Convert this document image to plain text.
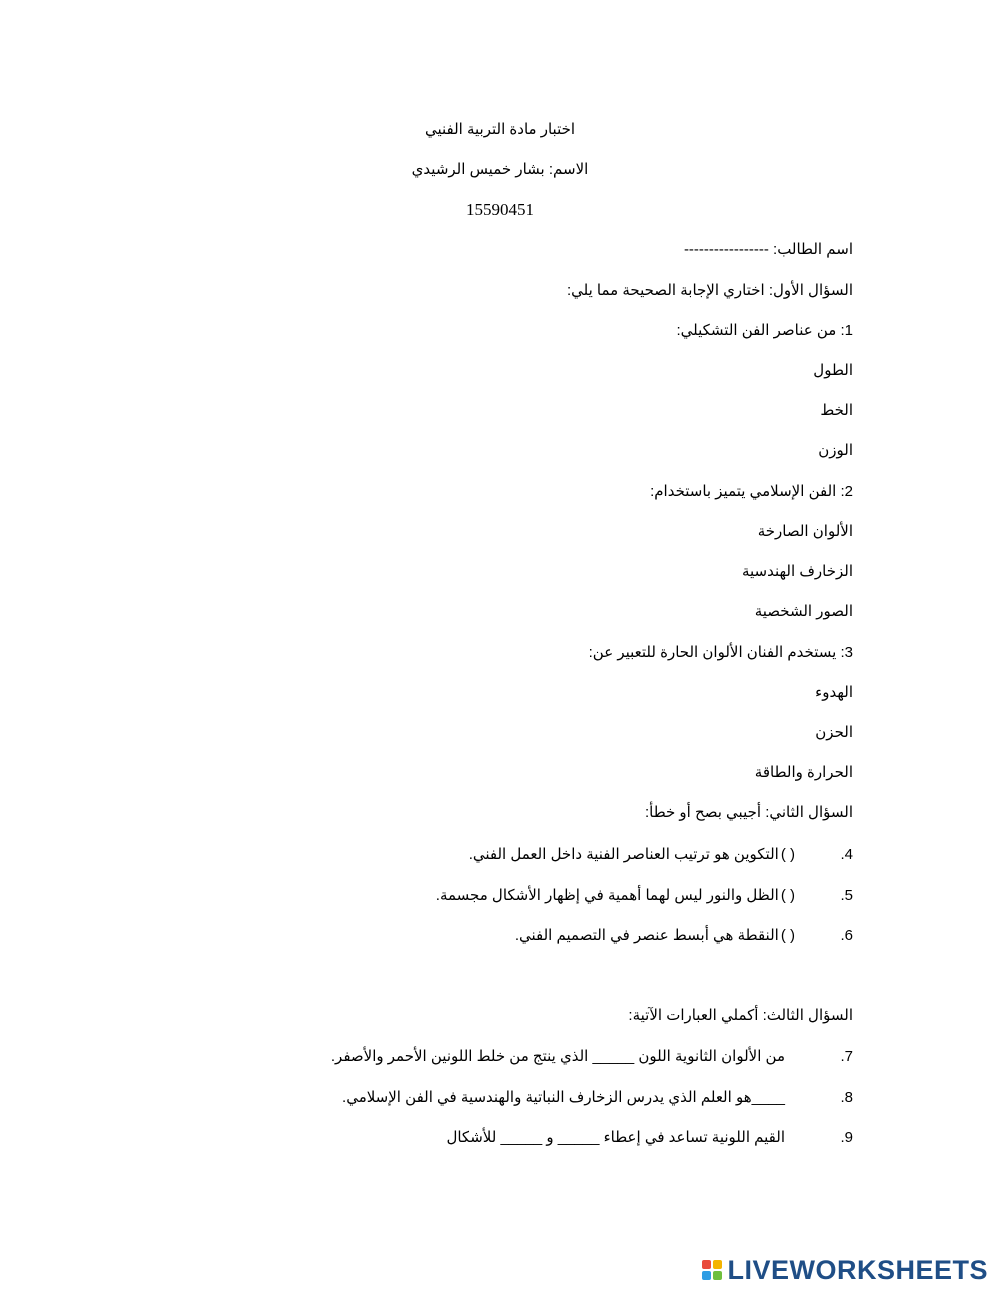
اختبار مادة التربية الفنيي
الاسم: بشار خميس الرشيدي
15590451
اسم الطالب: -----------------
السؤال الأول: اختاري الإجابة الصحيحة مما يلي:
1: من عناصر الفن التشكيلي:
الطول
الخط
الوزن
2: الفن الإسلامي يتميز باستخدام:
الألوان الصارخة
الزخارف الهندسية
الصور الشخصية
3: يستخدم الفنان الألوان الحارة للتعبير عن:
الهدوء
الحزن
الحرارة والطاقة
السؤال الثاني: أجيبي بصح أو خطأ:
4.( )التكوين هو ترتيب العناصر الفنية داخل العمل الفني.
5.( )الظل والنور ليس لهما أهمية في إظهار الأشكال مجسمة.
6.( )النقطة هي أبسط عنصر في التصميم الفني.
السؤال الثالث: أكملي العبارات الآتية:
7.من الألوان الثانوية اللون _____ الذي ينتج من خلط اللونين الأحمر والأصفر.
8.____هو العلم الذي يدرس الزخارف النباتية والهندسية في الفن الإسلامي.
9.القيم اللونية تساعد في إعطاء _____ و _____ للأشكال
LIVEWORKSHEETS
